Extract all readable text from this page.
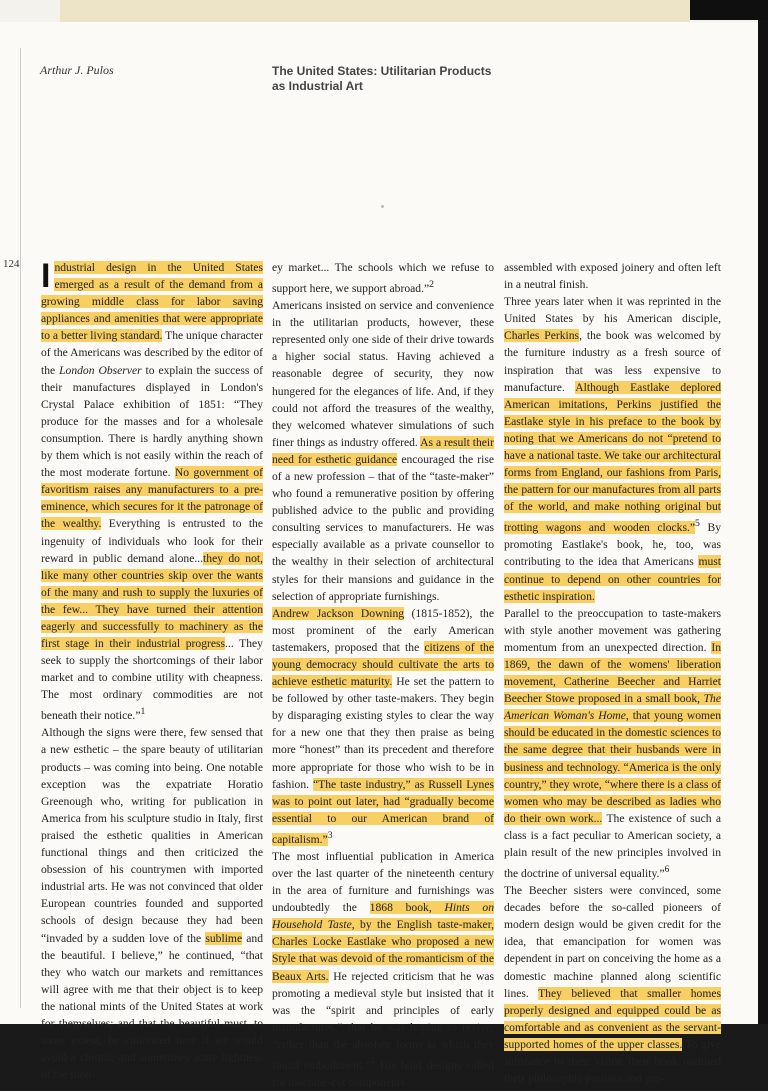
Arthur J. Pulos	The United States: Utilitarian Products
as Industrial Art
124 Industrial design in the United States emerged as a result of the demand from a growing middle class for labor saving appliances and amenities that were appropriate to a better living standard. The unique character of the Americans was described by the editor of the London Observer to explain the success of their manufactures displayed in London's Crystal Palace exhibition of 1851: “They produce for the masses and for a wholesale consumption. There is hardly anything shown by them which is not easily within the reach of the most moderate fortune. No government of favoritism raises any manufacturers to a pre-eminence, which secures for it the patronage of the wealthy. Everything is entrusted to the ingenuity of individuals who look for their reward in public demand alone...they do not, like many other countries skip over the wants of the many and rush to supply the luxuries of the few... They have turned their attention eagerly and successfully to machinery as the first stage in their industrial progress... They seek to supply the shortcomings of their labor market and to combine utility with cheapness. The most ordinary commodities are not beneath their notice.”$^1$

Although the signs were there, few sensed that a new esthetic – the spare beauty of utilitarian products – was coming into being. One notable exception was the expatriate Horatio Greenough who, writing for publication in America from his sculpture studio in Italy, first praised the esthetic qualities in American functional things and then criticized the obsession of his countrymen with imported industrial arts. He was not convinced that older European countries founded and supported schools of design because they had been “invaded by a sudden love of the sublime and the beautiful. I believe,” he continued, “that they who watch our markets and remittances will agree with me that their object is to keep the national mints of the United States at work for themselves; and that the beautiful must, to some extent, be cultivated here if we would avoid a chronic and sometimes acute tightness of the mon-

ey market... The schools which we refuse to support here, we support abroad.”$^2$

Americans insisted on service and convenience in the utilitarian products, however, these represented only one side of their drive towards a higher social status. Having achieved a reasonable degree of security, they now hungered for the elegances of life. And, if they could not afford the treasures of the wealthy, they welcomed whatever simulations of such finer things as industry offered. As a result their need for esthetic guidance encouraged the rise of a new profession – that of the “taste-maker” who found a remunerative position by offering published advice to the public and providing consulting services to manufacturers. He was especially available as a private counsellor to the wealthy in their selection of architectural styles for their mansions and guidance in the selection of appropriate furnishings.

Andrew Jackson Downing (1815-1852), the most prominent of the early American tastemakers, proposed that the citizens of the young democracy should cultivate the arts to achieve esthetic maturity. He set the pattern to be followed by other taste-makers. They begin by disparaging existing styles to clear the way for a new one that they then praise as being more “honest” than its precedent and therefore more appropriate for those who wish to be in fashion. “The taste industry,” as Russell Lynes was to point out later, had “gradually become essential to our American brand of capitalism.”$^3$

The most influential publication in America over the last quarter of the nineteenth century in the area of furniture and furnishings was undoubtedly the 1868 book, Hints on Household Taste, by the English taste-maker, Charles Locke Eastlake who proposed a new Style that was devoid of the romanticism of the Beaux Arts. He rejected criticism that he was promoting a medieval style but insisted that it was the “spirit and principles of early manufactures,” that he was hoping to revive, “rather than the absolute forms in which they found embodiment.”$^4$ His bold designs called for machine-cut components

assembled with exposed joinery and often left in a neutral finish.

Three years later when it was reprinted in the United States by his American disciple, Charles Perkins, the book was welcomed by the furniture industry as a fresh source of inspiration that was less expensive to manufacture. Although Eastlake deplored American imitations, Perkins justified the Eastlake style in his preface to the book by noting that we Americans do not “pretend to have a national taste. We take our architectural forms from England, our fashions from Paris, the pattern for our manufactures from all parts of the world, and make nothing original but trotting wagons and wooden clocks.”$^5$ By promoting Eastlake's book, he, too, was contributing to the idea that Americans must continue to depend on other countries for esthetic inspiration.

Parallel to the preoccupation to taste-makers with style another movement was gathering momentum from an unexpected direction. In 1869, the dawn of the womens' liberation movement, Catherine Beecher and Harriet Beecher Stowe proposed in a small book, The American Woman's Home, that young women should be educated in the domestic sciences to the same degree that their husbands were in business and technology. “America is the only country,” they wrote, “where there is a class of women who may be described as ladies who do their own work... The existence of such a class is a fact peculiar to American society, a plain result of the new principles involved in the doctrine of universal equality.”$^6$

The Beecher sisters were convinced, some decades before the so-called pioneers of modern design would be given credit for the idea, that emancipation for women was dependent in part on conceiving the home as a domestic machine planned along scientific lines. They believed that smaller homes properly designed and equipped could be as comfortable and as convenient as the servant-supported homes of the upper classes. To give substance to their vision their book outlined their philosophic position and pro-
